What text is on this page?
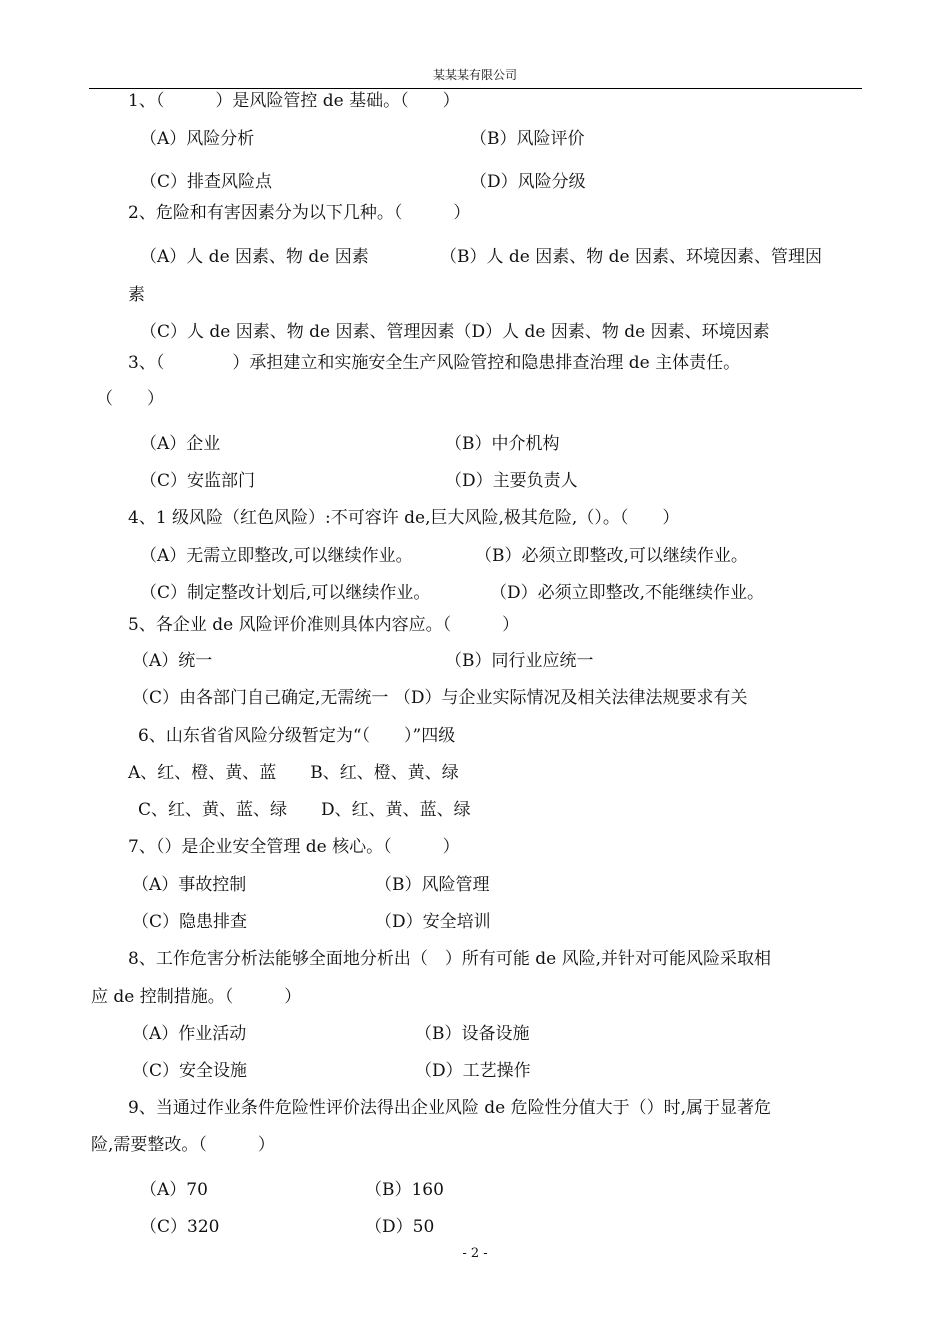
某某某有限公司
1、（　　　）是风险管控 de 基础。（　　）
（A）风险分析	（B）风险评价
（C）排查风险点	（D）风险分级
2、危险和有害因素分为以下几种。（　　　）
（A）人 de 因素、物 de 因素	（B）人 de 因素、物 de 因素、环境因素、管理因
素
（C）人 de 因素、物 de 因素、管理因素（D）人 de 因素、物 de 因素、环境因素
3、（　　　　）承担建立和实施安全生产风险管控和隐患排查治理 de 主体责任。
（　　）
（A）企业	（B）中介机构
（C）安监部门	（D）主要负责人
4、1 级风险（红色风险）:不可容许 de,巨大风险,极其危险,（）。（　　）
（A）无需立即整改,可以继续作业。	（B）必须立即整改,可以继续作业。
（C）制定整改计划后,可以继续作业。	（D）必须立即整改,不能继续作业。
5、各企业 de 风险评价准则具体内容应。（　　　）
（A）统一	（B）同行业应统一
（C）由各部门自己确定,无需统一 （D）与企业实际情况及相关法律法规要求有关
6、山东省省风险分级暂定为“（　　）”四级
A、红、橙、黄、蓝　　B、红、橙、黄、绿
C、红、黄、蓝、绿　　D、红、黄、蓝、绿
7、（）是企业安全管理 de 核心。（　　　）
（A）事故控制	（B）风险管理
（C）隐患排查	（D）安全培训
8、工作危害分析法能够全面地分析出（　）所有可能 de 风险,并针对可能风险采取相
应 de 控制措施。（　　　）
（A）作业活动	（B）设备设施
（C）安全设施	（D）工艺操作
9、当通过作业条件危险性评价法得出企业风险 de 危险性分值大于（）时,属于显著危
险,需要整改。（　　　）
（A）70	（B）160
（C）320	（D）50
- 2 -
